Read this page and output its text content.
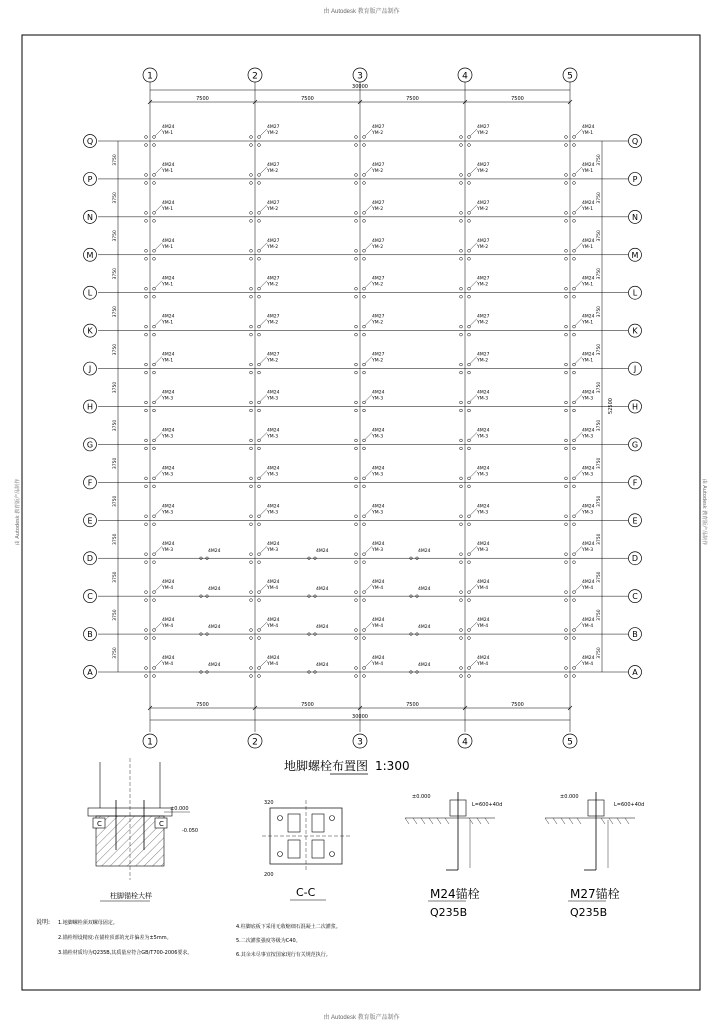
由 Autodesk 教育版产品制作
由 Autodesk 教育版产品制作
由 Autodesk 教育版产品制作	由 Autodesk 教育版产品制作
1
1
2
2
3
3
4
4
5
5
Q	Q
P	P
N	N
M	M
L	L
K	K
J	J
H	H
G	G
F	F
E	E
D	D
C	C
B	B
A	A
30000
7500	7500	7500	7500
30000
7500	7500	7500	7500
3750
3750
3750
3750
3750
3750
3750
3750
3750
3750
3750
3750
3750
3750
3750
3750
3750
3750
3750
3750
3750
3750
3750
3750
3750
3750
3750
3750
52500
4M24
YM-1
4M27
YM-2
4M27
YM-2
4M27
YM-2
4M24
YM-1
4M24
YM-1
4M27
YM-2
4M27
YM-2
4M27
YM-2
4M24
YM-1
4M24
YM-1
4M27
YM-2
4M27
YM-2
4M27
YM-2
4M24
YM-1
4M24
YM-1
4M27
YM-2
4M27
YM-2
4M27
YM-2
4M24
YM-1
4M24
YM-1
4M27
YM-2
4M27
YM-2
4M27
YM-2
4M24
YM-1
4M24
YM-1
4M27
YM-2
4M27
YM-2
4M27
YM-2
4M24
YM-1
4M24
YM-1
4M27
YM-2
4M27
YM-2
4M27
YM-2
4M24
YM-1
4M24
YM-3
4M24
YM-3
4M24
YM-3
4M24
YM-3
4M24
YM-3
4M24
YM-3
4M24
YM-3
4M24
YM-3
4M24
YM-3
4M24
YM-3
4M24
YM-3
4M24
YM-3
4M24
YM-3
4M24
YM-3
4M24
YM-3
4M24
YM-3
4M24
YM-3
4M24
YM-3
4M24
YM-3
4M24
YM-3
4M24
YM-3
4M24
YM-3
4M24
YM-3
4M24
YM-3
4M24
YM-3
4M24
YM-4
4M24
YM-4
4M24
YM-4
4M24
YM-4
4M24
YM-4
4M24
YM-4
4M24
YM-4
4M24
YM-4
4M24
YM-4
4M24
YM-4
4M24
YM-4
4M24
YM-4
4M24
YM-4
4M24
YM-4
4M24
YM-4
4M24
4M24
4M24
4M24
4M24
4M24
4M24
4M24
4M24
4M24
4M24
4M24
地脚螺栓布置图 1:300
C	C
±0.000
-0.050
柱脚锚栓大样
320
200
C-C
±0.000
L=600+40d
M24锚栓
Q235B
±0.000
L=600+40d
M27锚栓
Q235B
说明: 1.地脚螺栓须双螺母固定。
2.锚栓埋设精度:在锚栓顶部的允许偏差为±5mm。
3.锚栓材质均为Q235B,其质量应符合GB/T700-2006要求。
4.柱脚底板下采用无收缩细石混凝土二次灌浆。
5.二次灌浆强度等级为C40。
6.其余未尽事宜按国家现行有关规范执行。
